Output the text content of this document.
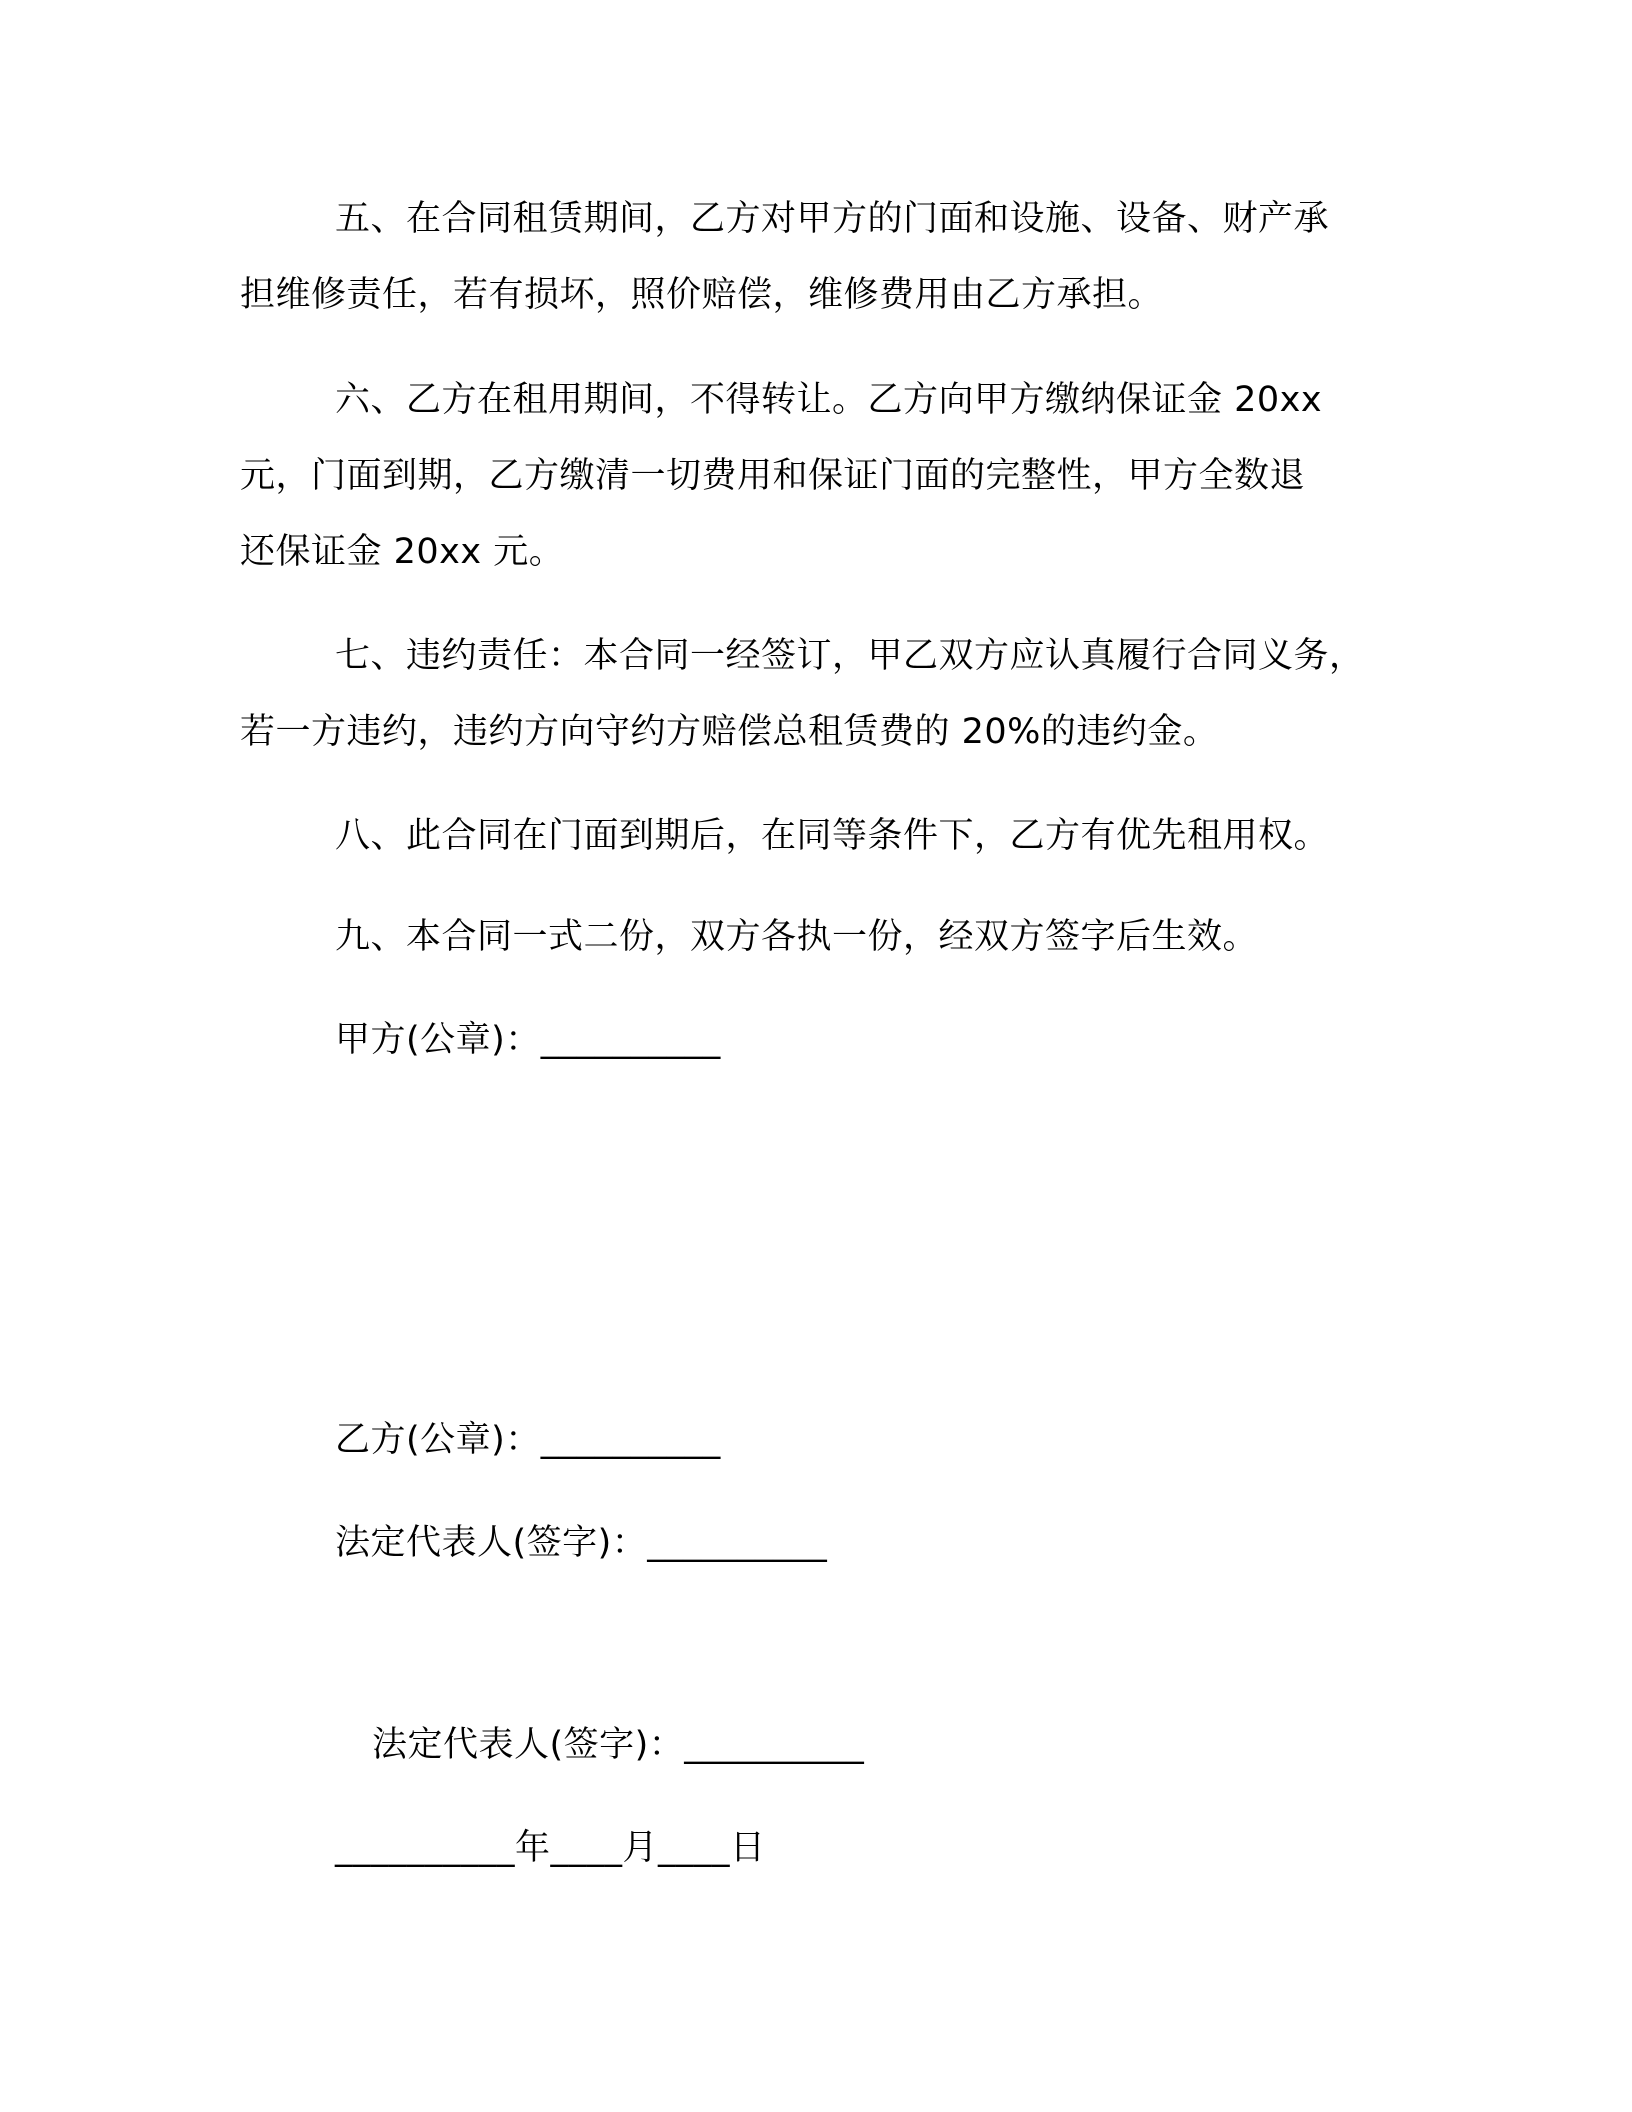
五、在合同租赁期间，乙方对甲方的门面和设施、设备、财产承
担维修责任，若有损坏，照价赔偿，维修费用由乙方承担。
六、乙方在租用期间，不得转让。乙方向甲方缴纳保证金 20xx
元，门面到期，乙方缴清一切费用和保证门面的完整性，甲方全数退
还保证金 20xx 元。
七、违约责任：本合同一经签订，甲乙双方应认真履行合同义务，
若一方违约，违约方向守约方赔偿总租赁费的 20%的违约金。
八、此合同在门面到期后，在同等条件下，乙方有优先租用权。
九、本合同一式二份，双方各执一份，经双方签字后生效。
甲方(公章)：__________
乙方(公章)：__________
法定代表人(签字)：__________
法定代表人(签字)：__________
__________年____月____日
